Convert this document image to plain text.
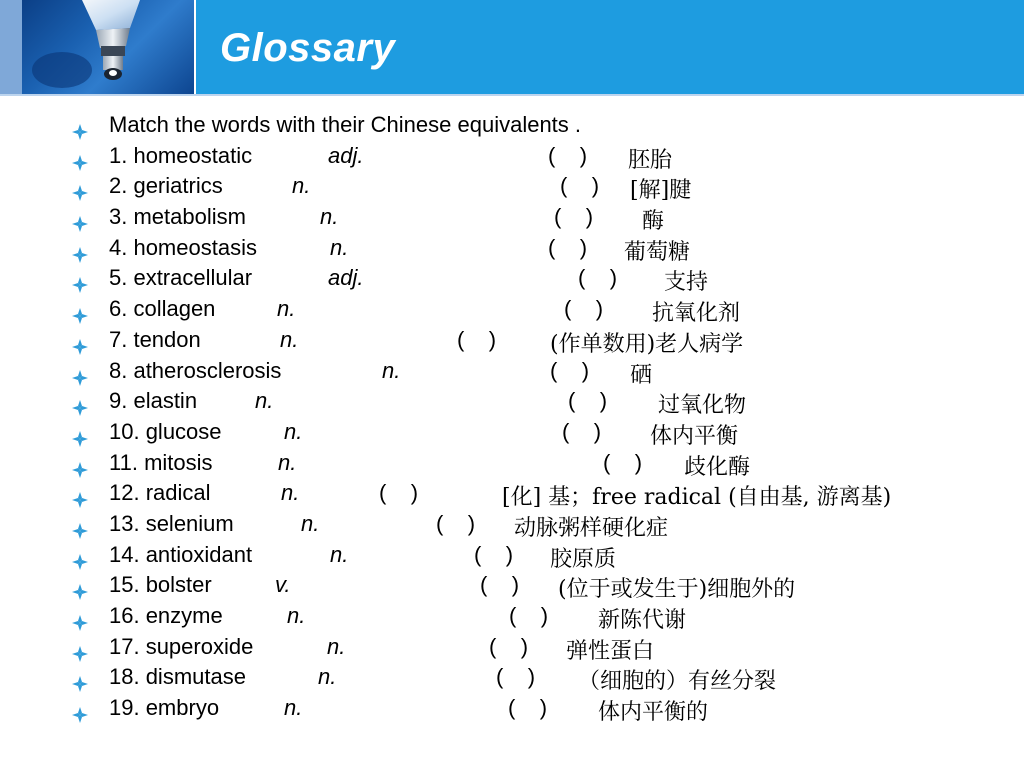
Glossary
Match the words with their Chinese equivalents .
1. homeostatic	adj.	(    ) 胚胎
2. geriatrics	n.	(    ) [解]腱
3. metabolism	n.	(    ) 酶
4. homeostasis	n.	(    ) 葡萄糖
5. extracellular	adj.	(    ) 支持
6. collagen	n.	(    ) 抗氧化剂
7. tendon	n.	(    ) (作单数用)老人病学
8. atherosclerosis	n.	(    ) 硒
9. elastin	n.	(    ) 过氧化物
10. glucose	n.	(    ) 体内平衡
11. mitosis	n.	(    ) 歧化酶
12. radical	n.	(    )	[化] 基；free radical (自由基, 游离基)
13. selenium	n.	(    ) 动脉粥样硬化症
14. antioxidant	n.	(    ) 胶原质
15. bolster	v.	(    ) (位于或发生于)细胞外的
16. enzyme	n.	(    ) 新陈代谢
17. superoxide	n.	(    ) 弹性蛋白
18. dismutase	n.	(    ) （细胞的）有丝分裂
19. embryo	n.	(    ) 体内平衡的
